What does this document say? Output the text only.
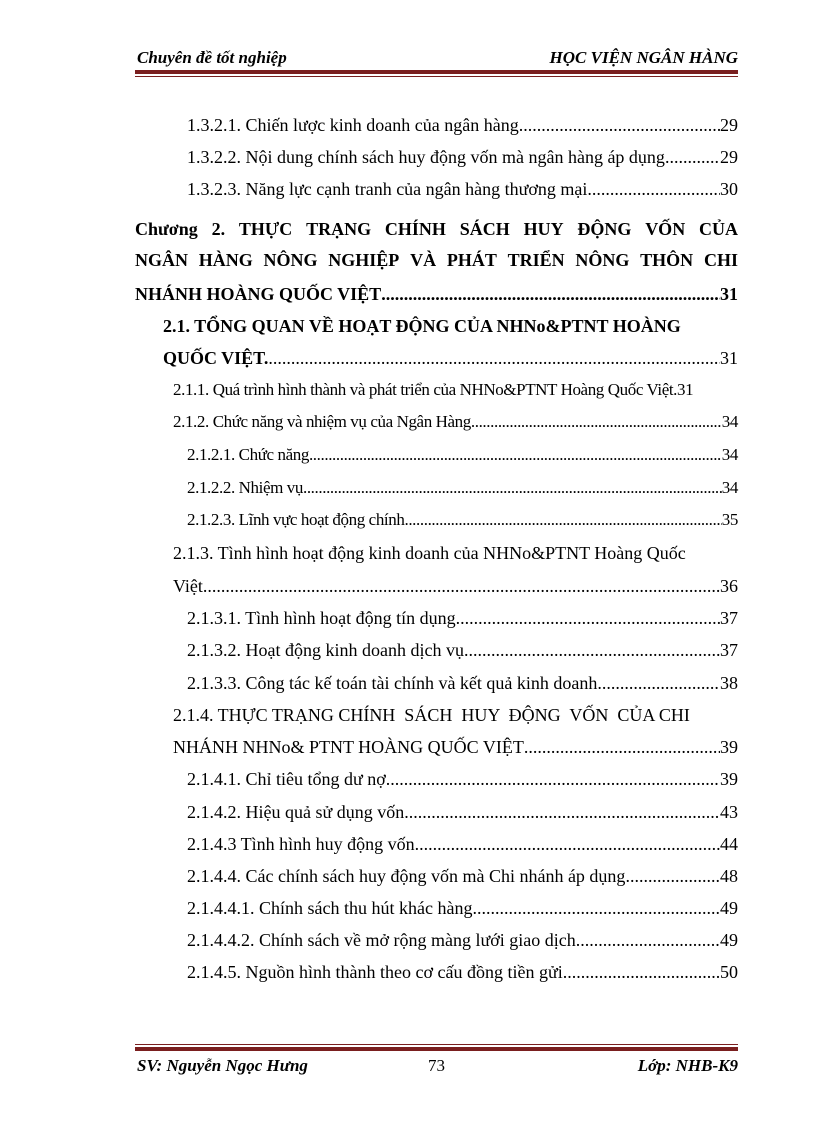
Chuyên đề tốt nghiệp	HỌC VIỆN NGÂN HÀNG
1.3.2.1. Chiến lược kinh doanh của ngân hàng .....	29
1.3.2.2. Nội dung chính sách huy động vốn mà ngân hàng áp dụng .....	29
1.3.2.3. Năng lực cạnh tranh của ngân hàng thương mại .....	30
Chương 2. THỰC TRẠNG CHÍNH SÁCH HUY ĐỘNG VỐN CỦA
NGÂN HÀNG NÔNG NGHIỆP VÀ PHÁT TRIỂN NÔNG THÔN CHI
NHÁNH HOÀNG QUỐC VIỆT .....	31
2.1. TỔNG QUAN VỀ HOẠT ĐỘNG CỦA NHNo&PTNT HOÀNG
QUỐC VIỆT. .....	31
2.1.1. Quá trình hình thành và phát triển của NHNo&PTNT Hoàng Quốc Việt. 31
2.1.2. Chức năng và nhiệm vụ của Ngân Hàng .....	34
2.1.2.1. Chức năng .....	34
2.1.2.2. Nhiệm vụ .....	34
2.1.2.3. Lĩnh vực hoạt động chính .....	35
2.1.3. Tình hình hoạt động kinh doanh của NHNo&PTNT Hoàng Quốc
Việt .....	36
2.1.3.1. Tình hình hoạt động tín dụng .....	37
2.1.3.2. Hoạt động kinh doanh dịch vụ .....	37
2.1.3.3. Công tác kế toán tài chính và kết quả kinh doanh .....	38
2.1.4. THỰC TRẠNG CHÍNH  SÁCH  HUY  ĐỘNG  VỐN  CỦA CHI
NHÁNH NHNo& PTNT HOÀNG QUỐC VIỆT .....	39
2.1.4.1. Chỉ tiêu tổng dư nợ .....	39
2.1.4.2. Hiệu quả sử dụng vốn .....	43
2.1.4.3 Tình hình huy động vốn .....	44
2.1.4.4. Các chính sách huy động vốn mà Chi nhánh áp dụng .....	48
2.1.4.4.1. Chính sách thu hút khác hàng .....	49
2.1.4.4.2. Chính sách về mở rộng màng lưới giao dịch .....	49
2.1.4.5. Nguồn hình thành theo cơ cấu đồng tiền gửi .....	50
SV: Nguyễn Ngọc Hưng	73	Lớp: NHB-K9
